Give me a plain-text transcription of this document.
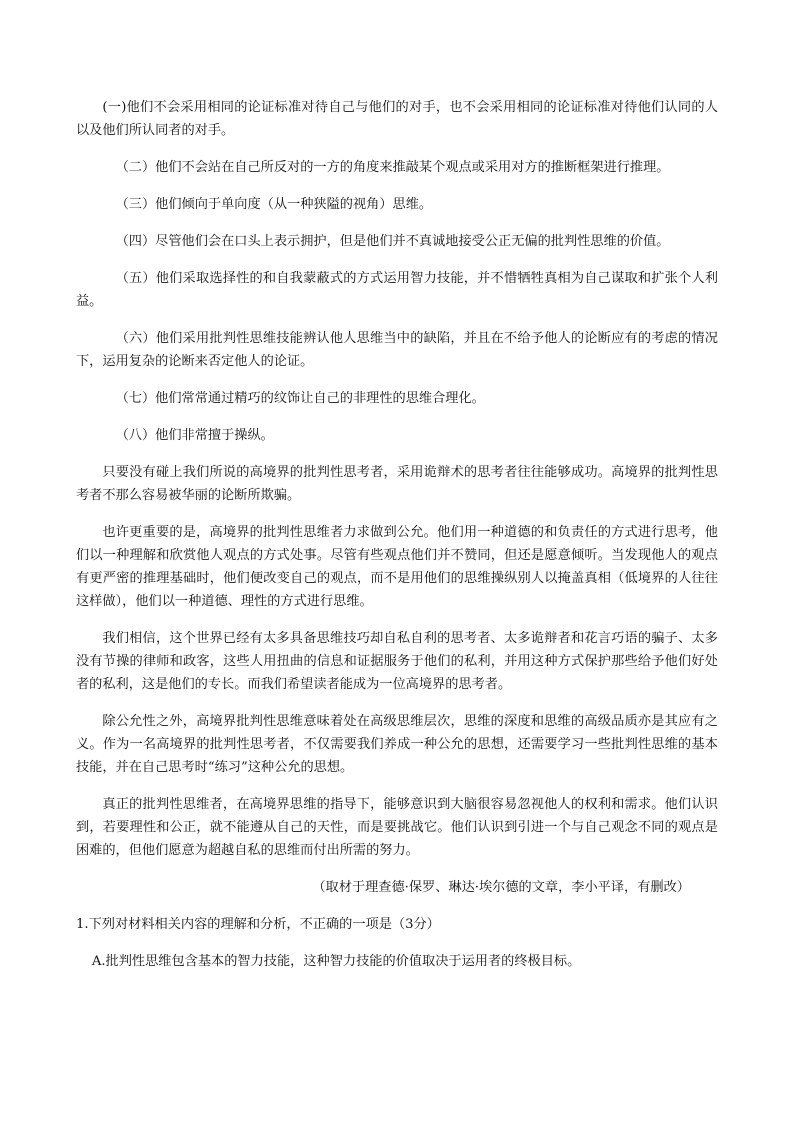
(一)他们不会采用相同的论证标准对待自己与他们的对手，也不会采用相同的论证标准对待他们认同的人以及他们所认同者的对手。

（二）他们不会站在自己所反对的一方的角度来推敲某个观点或采用对方的推断框架进行推理。

（三）他们倾向于单向度（从一种狭隘的视角）思维。

（四）尽管他们会在口头上表示拥护，但是他们并不真诚地接受公正无偏的批判性思维的价值。

（五）他们采取选择性的和自我蒙蔽式的方式运用智力技能，并不惜牺牲真相为自己谋取和扩张个人利益。

（六）他们采用批判性思维技能辨认他人思维当中的缺陷，并且在不给予他人的论断应有的考虑的情况下，运用复杂的论断来否定他人的论证。

（七）他们常常通过精巧的纹饰让自己的非理性的思维合理化。

（八）他们非常擅于操纵。

只要没有碰上我们所说的高境界的批判性思考者，采用诡辩术的思考者往往能够成功。高境界的批判性思考者不那么容易被华丽的论断所欺骗。

也许更重要的是，高境界的批判性思维者力求做到公允。他们用一种道德的和负责任的方式进行思考，他们以一种理解和欣赏他人观点的方式处事。尽管有些观点他们并不赞同，但还是愿意倾听。当发现他人的观点有更严密的推理基础时，他们便改变自己的观点，而不是用他们的思维操纵别人以掩盖真相（低境界的人往往这样做），他们以一种道德、理性的方式进行思维。

我们相信，这个世界已经有太多具备思维技巧却自私自利的思考者、太多诡辩者和花言巧语的骗子、太多没有节操的律师和政客，这些人用扭曲的信息和证据服务于他们的私利，并用这种方式保护那些给予他们好处者的私利，这是他们的专长。而我们希望读者能成为一位高境界的思考者。

除公允性之外，高境界批判性思维意味着处在高级思维层次，思维的深度和思维的高级品质亦是其应有之义。作为一名高境界的批判性思考者，不仅需要我们养成一种公允的思想，还需要学习一些批判性思维的基本技能，并在自己思考时“练习”这种公允的思想。

真正的批判性思维者，在高境界思维的指导下，能够意识到大脑很容易忽视他人的权利和需求。他们认识到，若要理性和公正，就不能遵从自己的天性，而是要挑战它。他们认识到引进一个与自己观念不同的观点是困难的，但他们愿意为超越自私的思维而付出所需的努力。

（取材于理查德·保罗、琳达·埃尔德的文章，李小平译，有删改）

1.下列对材料相关内容的理解和分析，不正确的一项是（3分）

A.批判性思维包含基本的智力技能，这种智力技能的价值取决于运用者的终极目标。
